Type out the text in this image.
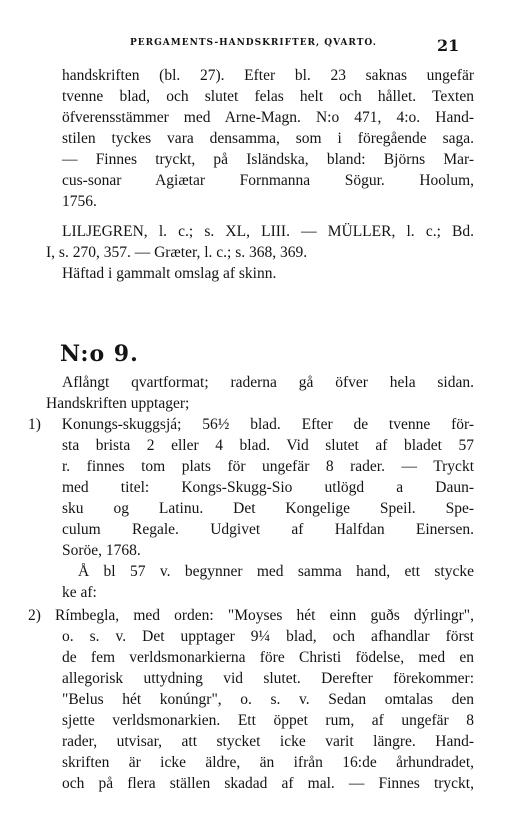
PERGAMENTS-HANDSKRIFTER, QVARTO.	21
handskriften (bl. 27). Efter bl. 23 saknas ungefär
tvenne blad, och slutet felas helt och hållet. Texten
öfverensstämmer med Arne-Magn. N:o 471, 4:o. Hand-
stilen tyckes vara densamma, som i föregående saga.
— Finnes tryckt, på Isländska, bland: Björns Mar-
cus-sonar Agiætar Fornmanna Sögur. Hoolum,
1756.
LILJEGREN, l. c.; s. XL, LIII. — MÜLLER, l. c.; Bd.
I, s. 270, 357. — Græter, l. c.; s. 368, 369.
Häftad i gammalt omslag af skinn.
N:o 9.
Aflångt qvartformat; raderna gå öfver hela sidan.
Handskriften upptager;
1) Konungs-skuggsjá; 56½ blad. Efter de tvenne för-
sta brista 2 eller 4 blad. Vid slutet af bladet 57
r. finnes tom plats för ungefär 8 rader. — Tryckt
med titel: Kongs-Skugg-Sio utlögd a Daun-
sku og Latinu. Det Kongelige Speil. Spe-
culum Regale. Udgivet af Halfdan Einersen.
Soröe, 1768.
Å bl 57 v. begynner med samma hand, ett stycke
ke af:
2) Rímbegla, med orden: "Moyses hét einn guðs dýrlingr",
o. s. v. Det upptager 9¼ blad, och afhandlar först
de fem verldsmonarkierna före Christi födelse, med en
allegorisk uttydning vid slutet. Derefter förekommer:
"Belus hét konúngr", o. s. v. Sedan omtalas den
sjette verldsmonarkien. Ett öppet rum, af ungefär 8
rader, utvisar, att stycket icke varit längre. Hand-
skriften är icke äldre, än ifrån 16:de århundradet,
och på flera ställen skadad af mal. — Finnes tryckt,
